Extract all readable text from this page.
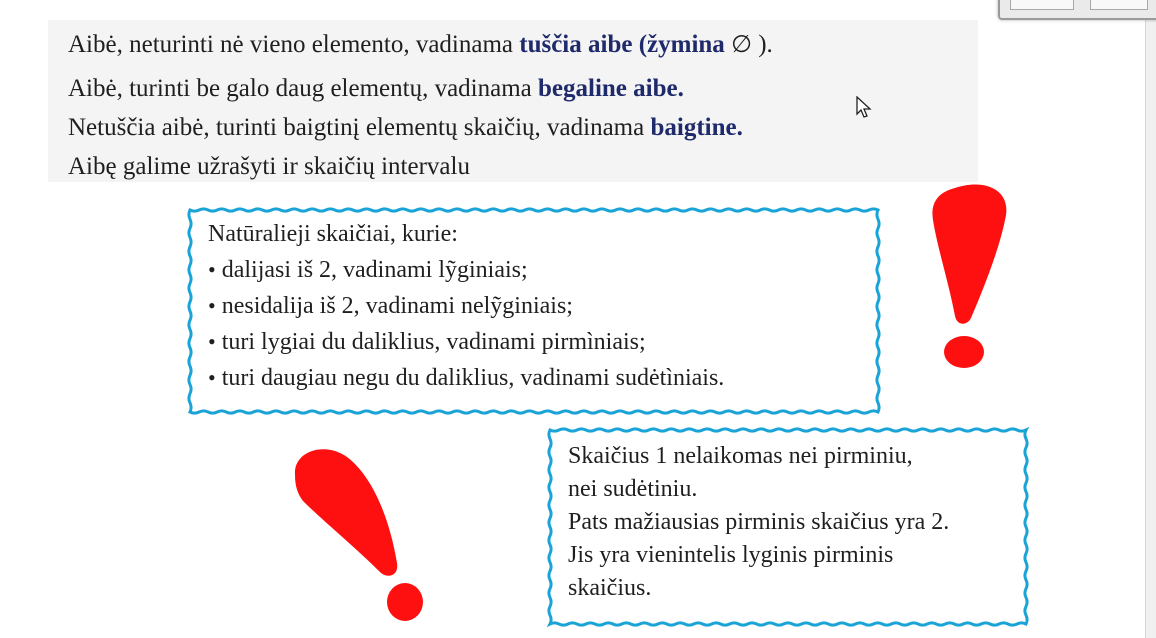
Aibė, neturinti nė vieno elemento, vadinama tuščia aibe (žymina ∅ ).
Aibė, turinti be galo daug elementų, vadinama begaline aibe.
Netuščia aibė, turinti baigtinį elementų skaičių, vadinama baigtine.
Aibę galime užrašyti ir skaičių intervalu
Natūralieji skaičiai, kurie:
• dalijasi iš 2, vadinami lỹginiais;
• nesidalija iš 2, vadinami nelỹginiais;
• turi lygiai du daliklius, vadinami pirmìniais;
• turi daugiau negu du daliklius, vadinami sudėtìniais.
Skaičius 1 nelaikomas nei pirminiu,
nei sudėtiniu.
Pats mažiausias pirminis skaičius yra 2.
Jis yra vienintelis lyginis pirminis
skaičius.
